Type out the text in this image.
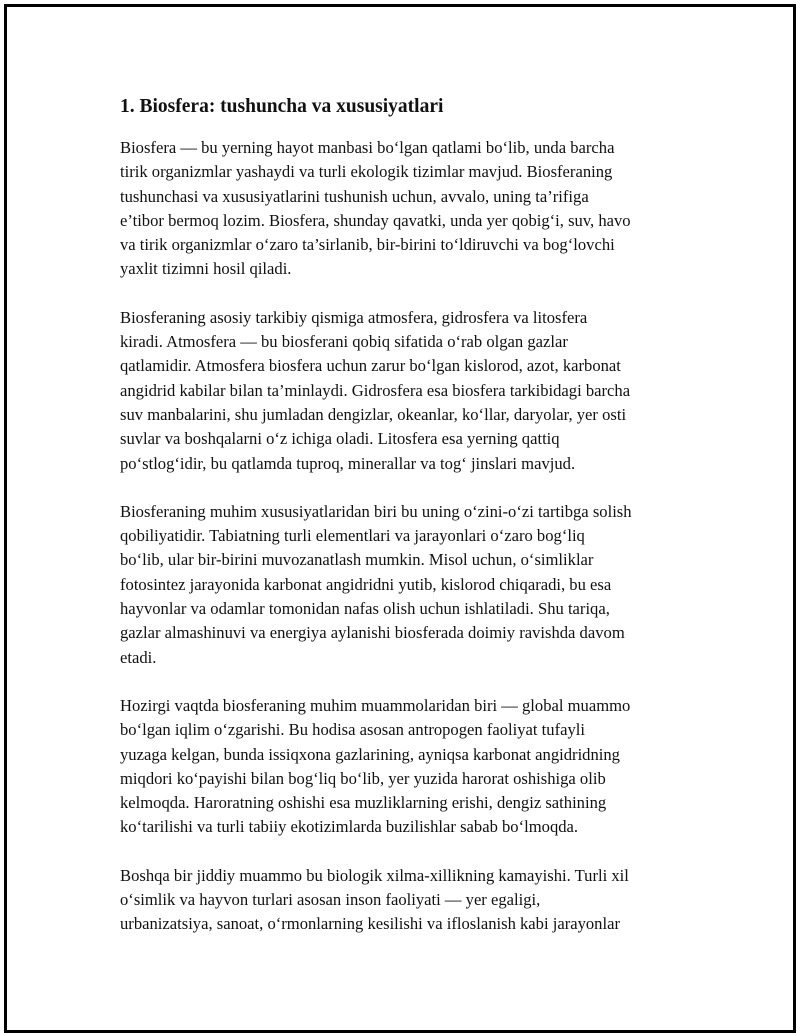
1. Biosfera: tushuncha va xususiyatlari
Biosfera — bu yerning hayot manbasi bo‘lgan qatlami bo‘lib, unda barcha
tirik organizmlar yashaydi va turli ekologik tizimlar mavjud. Biosferaning
tushunchasi va xususiyatlarini tushunish uchun, avvalo, uning ta’rifiga
e’tibor bermoq lozim. Biosfera, shunday qavatki, unda yer qobig‘i, suv, havo
va tirik organizmlar o‘zaro ta’sirlanib, bir-birini to‘ldiruvchi va bog‘lovchi
yaxlit tizimni hosil qiladi.
Biosferaning asosiy tarkibiy qismiga atmosfera, gidrosfera va litosfera
kiradi. Atmosfera — bu biosferani qobiq sifatida o‘rab olgan gazlar
qatlamidir. Atmosfera biosfera uchun zarur bo‘lgan kislorod, azot, karbonat
angidrid kabilar bilan ta’minlaydi. Gidrosfera esa biosfera tarkibidagi barcha
suv manbalarini, shu jumladan dengizlar, okeanlar, ko‘llar, daryolar, yer osti
suvlar va boshqalarni o‘z ichiga oladi. Litosfera esa yerning qattiq
po‘stlog‘idir, bu qatlamda tuproq, minerallar va tog‘ jinslari mavjud.
Biosferaning muhim xususiyatlaridan biri bu uning o‘zini-o‘zi tartibga solish
qobiliyatidir. Tabiatning turli elementlari va jarayonlari o‘zaro bog‘liq
bo‘lib, ular bir-birini muvozanatlash mumkin. Misol uchun, o‘simliklar
fotosintez jarayonida karbonat angidridni yutib, kislorod chiqaradi, bu esa
hayvonlar va odamlar tomonidan nafas olish uchun ishlatiladi. Shu tariqa,
gazlar almashinuvi va energiya aylanishi biosferada doimiy ravishda davom
etadi.
Hozirgi vaqtda biosferaning muhim muammolaridan biri — global muammo
bo‘lgan iqlim o‘zgarishi. Bu hodisa asosan antropogen faoliyat tufayli
yuzaga kelgan, bunda issiqxona gazlarining, ayniqsa karbonat angidridning
miqdori ko‘payishi bilan bog‘liq bo‘lib, yer yuzida harorat oshishiga olib
kelmoqda. Haroratning oshishi esa muzliklarning erishi, dengiz sathining
ko‘tarilishi va turli tabiiy ekotizimlarda buzilishlar sabab bo‘lmoqda.
Boshqa bir jiddiy muammo bu biologik xilma-xillikning kamayishi. Turli xil
o‘simlik va hayvon turlari asosan inson faoliyati — yer egaligi,
urbanizatsiya, sanoat, o‘rmonlarning kesilishi va ifloslanish kabi jarayonlar
